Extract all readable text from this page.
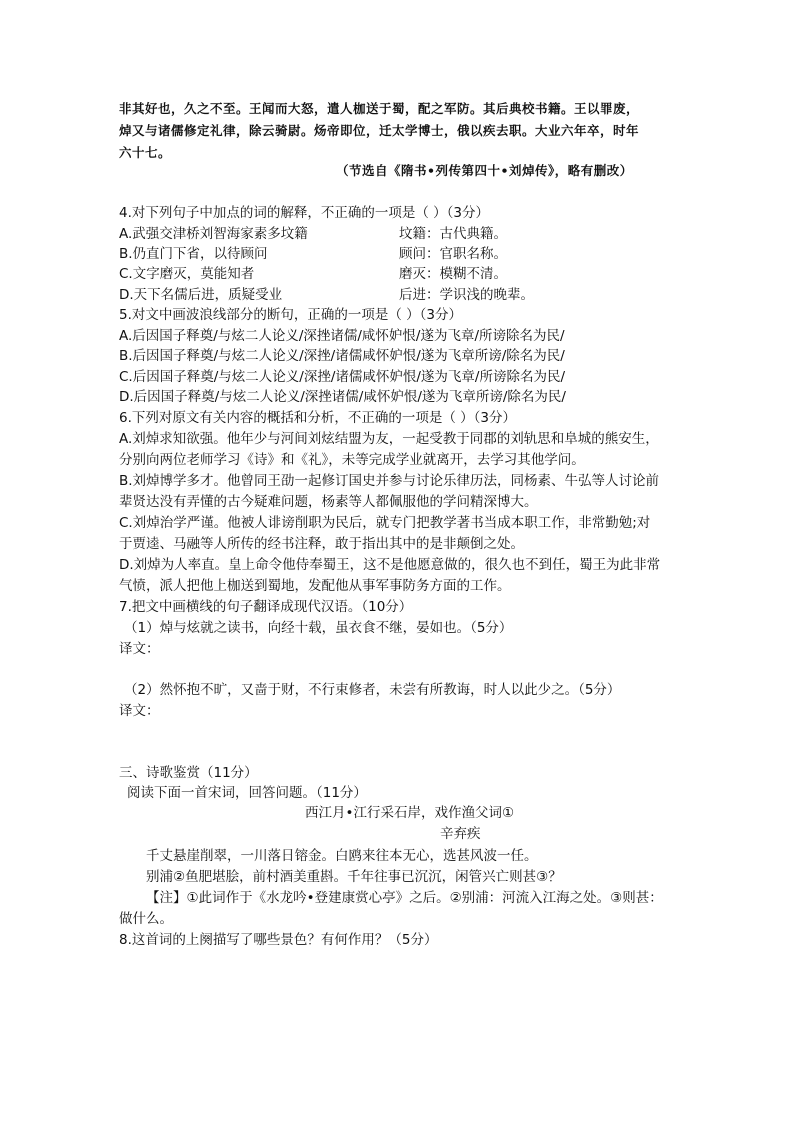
非其好也，久之不至。王闻而大怒，遣人枷送于蜀，配之军防。其后典校书籍。王以罪废，
焯又与诸儒修定礼律，除云骑尉。炀帝即位，迁太学博士，俄以疾去职。大业六年卒，时年
六十七。
（节选自《隋书•列传第四十•刘焯传》，略有删改）
4.对下列句子中加点的词的解释，不正确的一项是（ ）（3分）
A.武强交津桥刘智海家素多坟籍	坟籍：古代典籍。
B.仍直门下省，以待顾问	顾问：官职名称。
C.文字磨灭，莫能知者	磨灭：模糊不清。
D.天下名儒后进，质疑受业	后进：学识浅的晚辈。
5.对文中画波浪线部分的断句，正确的一项是（ ）（3分）
A.后因国子释奠/与炫二人论义/深挫诸儒/咸怀妒恨/遂为飞章/所谤除名为民/
B.后因国子释奠/与炫二人论义/深挫/诸儒咸怀妒恨/遂为飞章所谤/除名为民/
C.后因国子释奠/与炫二人论义/深挫/诸儒咸怀妒恨/遂为飞章/所谤除名为民/
D.后因国子释奠/与炫二人论义/深挫诸儒/咸怀妒恨/遂为飞章所谤/除名为民/
6.下列对原文有关内容的概括和分析，不正确的一项是（ ）（3分）
A.刘焯求知欲强。他年少与河间刘炫结盟为友，一起受教于同郡的刘轨思和阜城的熊安生，
分别向两位老师学习《诗》和《礼》，未等完成学业就离开，去学习其他学问。
B.刘焯博学多才。他曾同王劭一起修订国史并参与讨论乐律历法，同杨素、牛弘等人讨论前
辈贤达没有弄懂的古今疑难问题，杨素等人都佩服他的学问精深博大。
C.刘焯治学严谨。他被人诽谤削职为民后，就专门把教学著书当成本职工作，非常勤勉;对
于贾逵、马融等人所传的经书注释，敢于指出其中的是非颠倒之处。
D.刘焯为人率直。皇上命令他侍奉蜀王，这不是他愿意做的，很久也不到任，蜀王为此非常
气愤，派人把他上枷送到蜀地，发配他从事军事防务方面的工作。
7.把文中画横线的句子翻译成现代汉语。（10分）
（1）焯与炫就之读书，向经十载，虽衣食不继，晏如也。（5分）
译文：
（2）然怀抱不旷，又啬于财，不行束修者，未尝有所教诲，时人以此少之。（5分）
译文：
三、诗歌鉴赏（11分）
阅读下面一首宋词，回答问题。（11分）
西江月•江行采石岸，戏作渔父词①
辛弃疾
千丈悬崖削翠，一川落日镕金。白鸥来往本无心，选甚风波一任。
别浦②鱼肥堪脍，前村酒美重斟。千年往事已沉沉，闲管兴亡则甚③？
【注】①此词作于《水龙吟•登建康赏心亭》之后。②别浦：河流入江海之处。③则甚：
做什么。
8.这首词的上阕描写了哪些景色？有何作用？（5分）
